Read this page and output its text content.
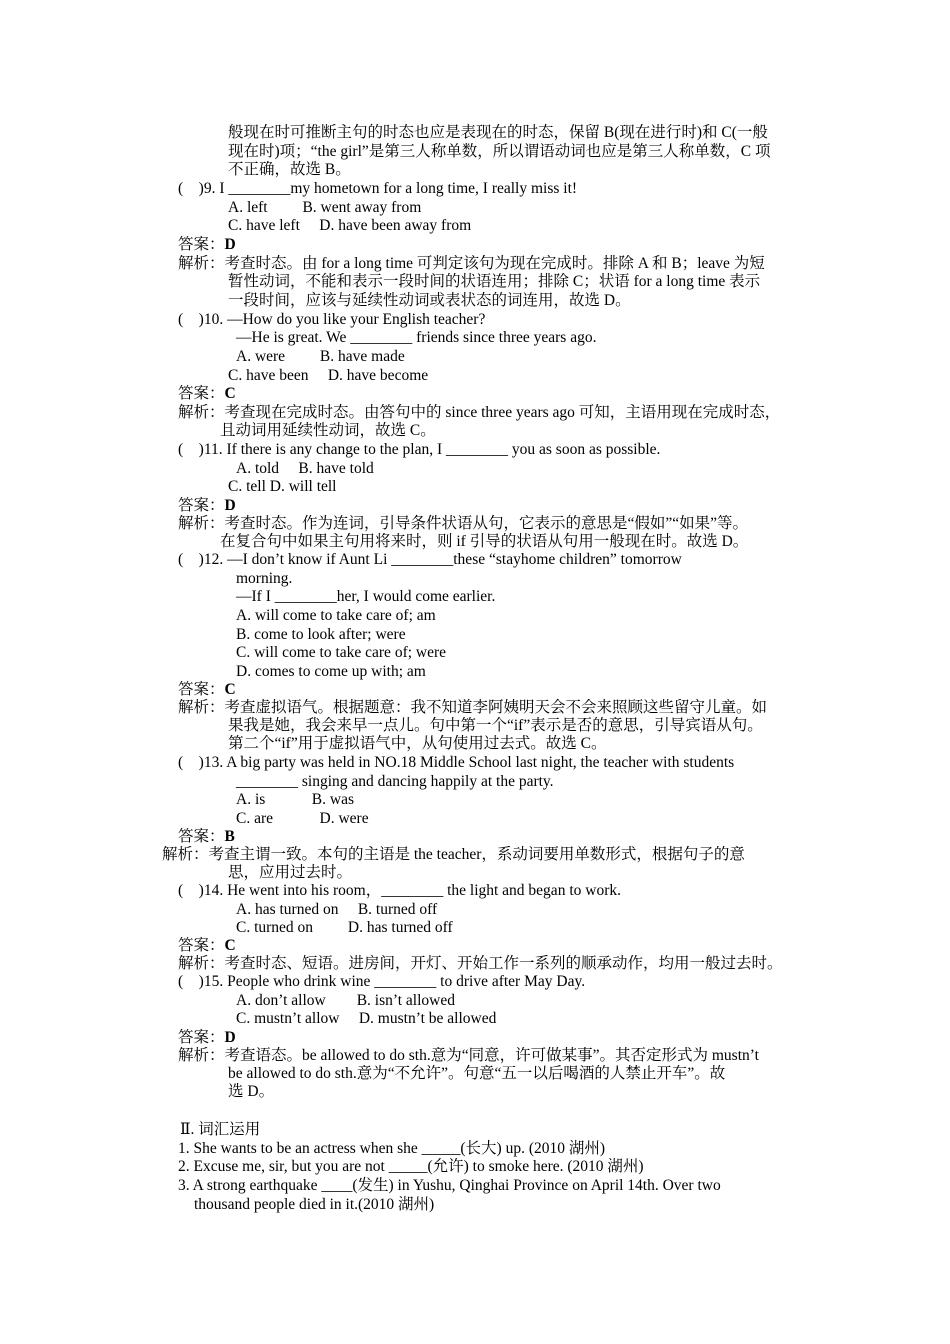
般现在时可推断主句的时态也应是表现在的时态，保留 B(现在进行时)和 C(一般
现在时)项；“the girl”是第三人称单数，所以谓语动词也应是第三人称单数，C 项
不正确，故选 B。
(　)9. I ________my hometown for a long time, I really miss it!
A. left　　 B. went away from
C. have left　 D. have been away from
答案：D
解析：考查时态。由 for a long time 可判定该句为现在完成时。排除 A 和 B；leave 为短
暂性动词，不能和表示一段时间的状语连用；排除 C；状语 for a long time 表示
一段时间，应该与延续性动词或表状态的词连用，故选 D。
(　)10. —How do you like your English teacher?
—He is great. We ________ friends since three years ago.
A. were　　 B. have made
C. have been　 D. have become
答案：C
解析：考查现在完成时态。由答句中的 since three years ago 可知，主语用现在完成时态，
且动词用延续性动词，故选 C。
(　)11. If there is any change to the plan, I ________ you as soon as possible.
A. told　 B. have told
C. tell D. will tell
答案：D
解析：考查时态。作为连词，引导条件状语从句，它表示的意思是“假如”“如果”等。
在复合句中如果主句用将来时，则 if 引导的状语从句用一般现在时。故选 D。
(　)12. —I don’t know if Aunt Li ________these “stayhome children” tomorrow
morning.
—If I ________her, I would come earlier.
A. will come to take care of; am
B. come to look after; were
C. will come to take care of; were
D. comes to come up with; am
答案：C
解析：考查虚拟语气。根据题意：我不知道李阿姨明天会不会来照顾这些留守儿童。如
果我是她，我会来早一点儿。句中第一个“if”表示是否的意思，引导宾语从句。
第二个“if”用于虚拟语气中，从句使用过去式。故选 C。
(　)13. A big party was held in NO.18 Middle School last night, the teacher with students
________ singing and dancing happily at the party.
A. is　　　B. was
C. are　　　D. were
答案：B
解析：考查主谓一致。本句的主语是 the teacher，系动词要用单数形式，根据句子的意
思，应用过去时。
(　)14. He went into his room，________ the light and began to work.
A. has turned on　 B. turned off
C. turned on　　 D. has turned off
答案：C
解析：考查时态、短语。进房间，开灯、开始工作一系列的顺承动作，均用一般过去时。
(　)15. People who drink wine ________ to drive after May Day.
A. don’t allow　　B. isn’t allowed
C. mustn’t allow　 D. mustn’t be allowed
答案：D
解析：考查语态。be allowed to do sth.意为“同意，许可做某事”。其否定形式为 mustn’t
be allowed to do sth.意为“不允许”。句意“五一以后喝酒的人禁止开车”。故
选 D。
Ⅱ. 词汇运用
1. She wants to be an actress when she _____(长大) up. (2010 湖州)
2. Excuse me, sir, but you are not _____(允许) to smoke here. (2010 湖州)
3. A strong earthquake ____(发生) in Yushu, Qinghai Province on April 14th. Over two
thousand people died in it.(2010 湖州)
